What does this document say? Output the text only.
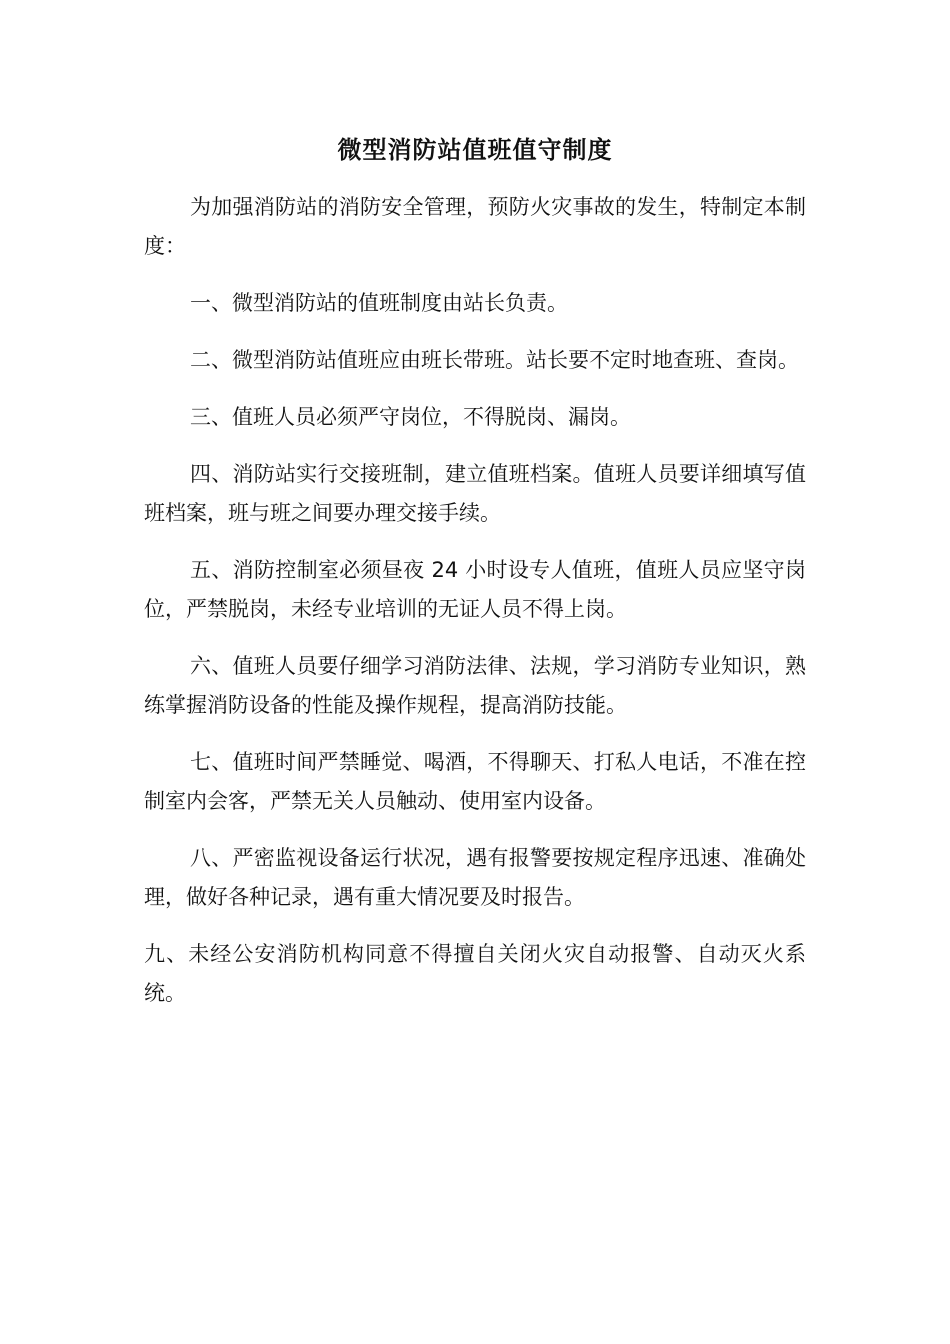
微型消防站值班值守制度

为加强消防站的消防安全管理，预防火灾事故的发生，特制定本制度：

一、微型消防站的值班制度由站长负责。

二、微型消防站值班应由班长带班。站长要不定时地查班、查岗。

三、值班人员必须严守岗位，不得脱岗、漏岗。

四、消防站实行交接班制，建立值班档案。值班人员要详细填写值班档案，班与班之间要办理交接手续。

五、消防控制室必须昼夜 24 小时设专人值班，值班人员应坚守岗位，严禁脱岗，未经专业培训的无证人员不得上岗。

六、值班人员要仔细学习消防法律、法规，学习消防专业知识，熟练掌握消防设备的性能及操作规程，提高消防技能。

七、值班时间严禁睡觉、喝酒，不得聊天、打私人电话，不准在控制室内会客，严禁无关人员触动、使用室内设备。

八、严密监视设备运行状况，遇有报警要按规定程序迅速、准确处理，做好各种记录，遇有重大情况要及时报告。

九、未经公安消防机构同意不得擅自关闭火灾自动报警、自动灭火系统。
